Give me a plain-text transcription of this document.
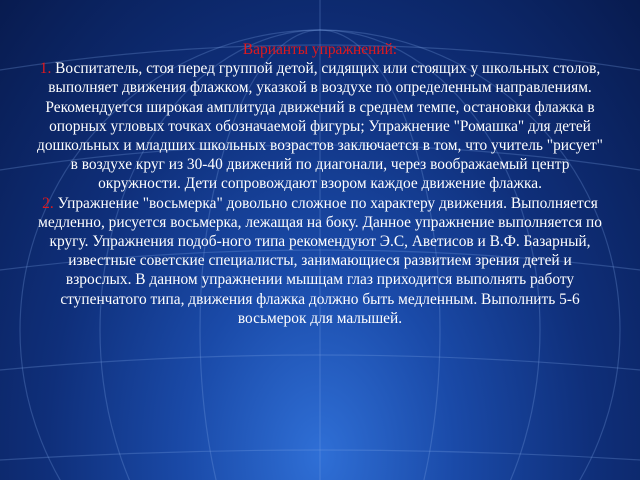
Варианты упражнений:
1. Воспитатель, стоя перед группой детой, сидящих или стоящих у школьных столов, выполняет движения флажком, указкой в воздухе по определенным направлениям. Рекомендуется широкая амплитуда движений в среднем темпе, остановки флажка в опорных угловых точках обозначаемой фигуры; Упражнение "Ромашка" для детей дошкольных и младших школьных возрастов заключается в том, что учитель "рисует" в воздухе круг из 30-40 движений по диагонали, через воображаемый центр окружности. Дети сопровождают взором каждое движение флажка.
2. Упражнение "восьмерка" довольно сложное по характеру движения. Выполняется медленно, рисуется восьмерка, лежащая на боку. Данное упражнение выполняется по кругу. Упражнения подоб-ного типа рекомендуют Э.С, Аветисов и В.Ф. Базарный, известные советские специалисты, занимающиеся развитием зрения детей и взрослых. В данном упражнении мышцам глаз приходится выполнять работу ступенчатого типа, движения флажка должно быть медленным. Выполнить 5-6 восьмерок для малышей.
